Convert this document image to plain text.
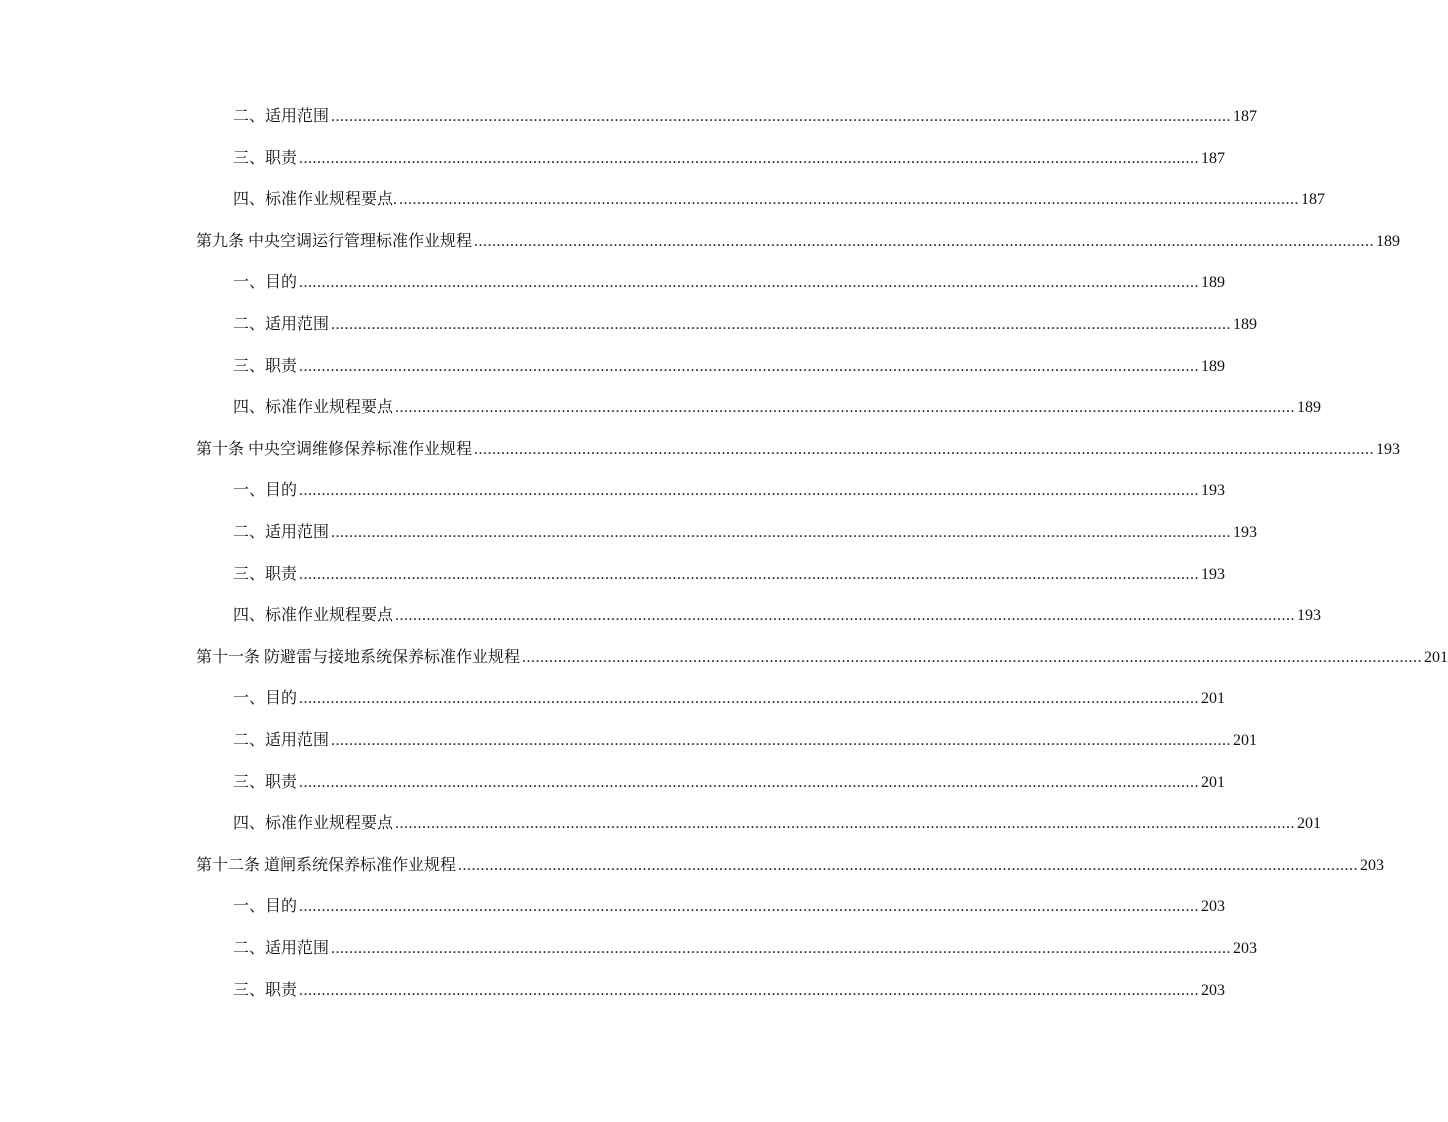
二、适用范围 ........................................................................................................................................................................................................ 187
三、职责 ........................................................................................................................................................................................................ 187
四、标准作业规程要点. ........................................................................................................................................................................................................ 187
第九条 中央空调运行管理标准作业规程 ........................................................................................................................................................................................................ 189
一、目的 ........................................................................................................................................................................................................ 189
二、适用范围 ........................................................................................................................................................................................................ 189
三、职责 ........................................................................................................................................................................................................ 189
四、标准作业规程要点 ........................................................................................................................................................................................................ 189
第十条 中央空调维修保养标准作业规程 ........................................................................................................................................................................................................ 193
一、目的 ........................................................................................................................................................................................................ 193
二、适用范围 ........................................................................................................................................................................................................ 193
三、职责 ........................................................................................................................................................................................................ 193
四、标准作业规程要点 ........................................................................................................................................................................................................ 193
第十一条 防避雷与接地系统保养标准作业规程 ........................................................................................................................................................................................................ 201
一、目的 ........................................................................................................................................................................................................ 201
二、适用范围 ........................................................................................................................................................................................................ 201
三、职责 ........................................................................................................................................................................................................ 201
四、标准作业规程要点 ........................................................................................................................................................................................................ 201
第十二条 道闸系统保养标准作业规程 ........................................................................................................................................................................................................ 203
一、目的 ........................................................................................................................................................................................................ 203
二、适用范围 ........................................................................................................................................................................................................ 203
三、职责 ........................................................................................................................................................................................................ 203
